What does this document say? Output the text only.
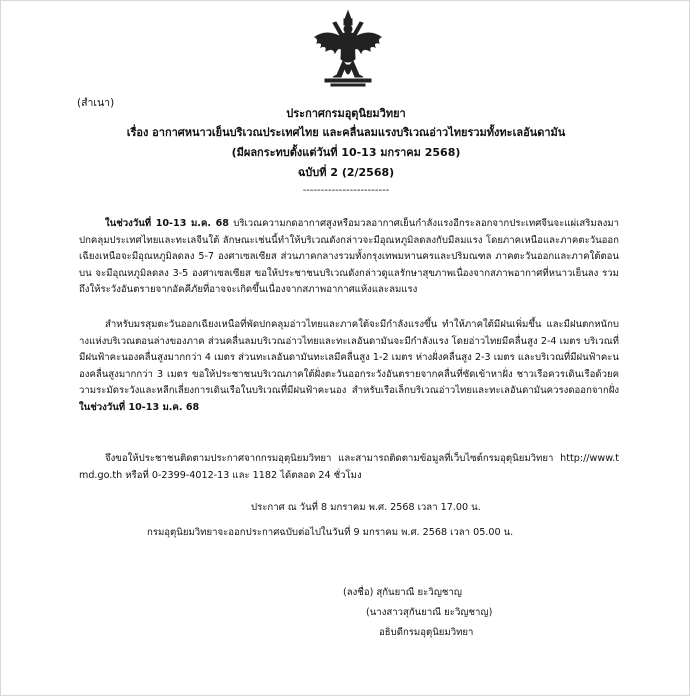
(สำเนา)
ประกาศกรมอุตุนิยมวิทยา
เรื่อง อากาศหนาวเย็นบริเวณประเทศไทย และคลื่นลมแรงบริเวณอ่าวไทยรวมทั้งทะเลอันดามัน
(มีผลกระทบตั้งแต่วันที่ 10-13 มกราคม 2568)
ฉบับที่ 2 (2/2568)
------------------------

ในช่วงวันที่ 10-13 ม.ค. 68 บริเวณความกดอากาศสูงหรือมวลอากาศเย็นกำลังแรงอีกระลอกจากประเทศจีนจะแผ่เสริมลงมาปกคลุมประเทศไทยและทะเลจีนใต้ ลักษณะเช่นนี้ทำให้บริเวณดังกล่าวจะมีอุณหภูมิลดลงกับมีลมแรง โดยภาคเหนือและภาคตะวันออกเฉียงเหนือจะมีอุณหภูมิลดลง 5-7 องศาเซลเซียส ส่วนภาคกลางรวมทั้งกรุงเทพมหานครและปริมณฑล ภาคตะวันออกและภาคใต้ตอนบน จะมีอุณหภูมิลดลง 3-5 องศาเซลเซียส ขอให้ประชาชนบริเวณดังกล่าวดูแลรักษาสุขภาพเนื่องจากสภาพอากาศที่หนาวเย็นลง รวมถึงให้ระวังอันตรายจากอัคคีภัยที่อาจจะเกิดขึ้นเนื่องจากสภาพอากาศแห้งและลมแรง

สำหรับมรสุมตะวันออกเฉียงเหนือที่พัดปกคลุมอ่าวไทยและภาคใต้จะมีกำลังแรงขึ้น ทำให้ภาคใต้มีฝนเพิ่มขึ้น และมีฝนตกหนักบางแห่งบริเวณตอนล่างของภาค ส่วนคลื่นลมบริเวณอ่าวไทยและทะเลอันดามันจะมีกำลังแรง โดยอ่าวไทยมีคลื่นสูง 2-4 เมตร บริเวณที่มีฝนฟ้าคะนองคลื่นสูงมากกว่า 4 เมตร ส่วนทะเลอันดามันทะเลมีคลื่นสูง 1-2 เมตร ห่างฝั่งคลื่นสูง 2-3 เมตร และบริเวณที่มีฝนฟ้าคะนองคลื่นสูงมากกว่า 3 เมตร ขอให้ประชาชนบริเวณภาคใต้ฝั่งตะวันออกระวังอันตรายจากคลื่นที่ซัดเข้าหาฝั่ง ชาวเรือควรเดินเรือด้วยความระมัดระวังและหลีกเลี่ยงการเดินเรือในบริเวณที่มีฝนฟ้าคะนอง สำหรับเรือเล็กบริเวณอ่าวไทยและทะเลอันดามันควรงดออกจากฝั่งในช่วงวันที่ 10-13 ม.ค. 68

จึงขอให้ประชาชนติดตามประกาศจากกรมอุตุนิยมวิทยา และสามารถติดตามข้อมูลที่เว็บไซต์กรมอุตุนิยมวิทยา http://www.tmd.go.th หรือที่ 0-2399-4012-13 และ 1182 ได้ตลอด 24 ชั่วโมง

ประกาศ ณ วันที่ 8 มกราคม พ.ศ. 2568 เวลา 17.00 น.
กรมอุตุนิยมวิทยาจะออกประกาศฉบับต่อไปในวันที่ 9 มกราคม พ.ศ. 2568 เวลา 05.00 น.
(ลงชื่อ) สุกันยาณี ยะวิญชาญ
(นางสาวสุกันยาณี ยะวิญชาญ)
อธิบดีกรมอุตุนิยมวิทยา
